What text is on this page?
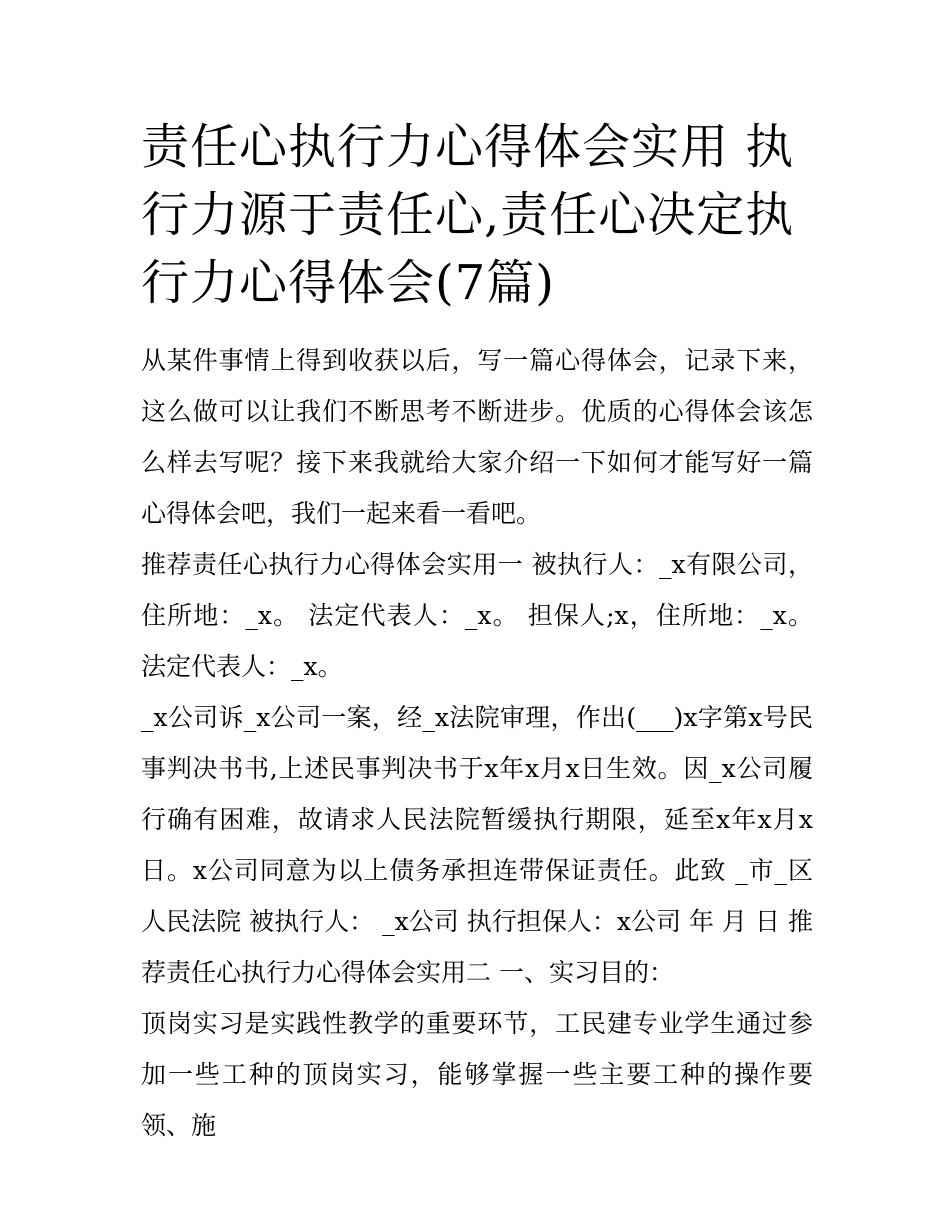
责任心执行力心得体会实用 执行力源于责任心,责任心决定执行力心得体会(7篇)

从某件事情上得到收获以后，写一篇心得体会，记录下来，这么做可以让我们不断思考不断进步。优质的心得体会该怎么样去写呢？接下来我就给大家介绍一下如何才能写好一篇心得体会吧，我们一起来看一看吧。

推荐责任心执行力心得体会实用一 被执行人：_x有限公司，住所地：_x。 法定代表人：_x。 担保人;x，住所地：_x。 法定代表人：_x。

_x公司诉_x公司一案，经_x法院审理，作出(___)x字第x号民事判决书书,上述民事判决书于x年x月x日生效。因_x公司履行确有困难，故请求人民法院暂缓执行期限，延至x年x月x日。x公司同意为以上债务承担连带保证责任。此致 _市_区人民法院 被执行人： _x公司 执行担保人：x公司 年 月 日 推荐责任心执行力心得体会实用二 一、实习目的：

顶岗实习是实践性教学的重要环节，工民建专业学生通过参加一些工种的顶岗实习，能够掌握一些主要工种的操作要领、施
